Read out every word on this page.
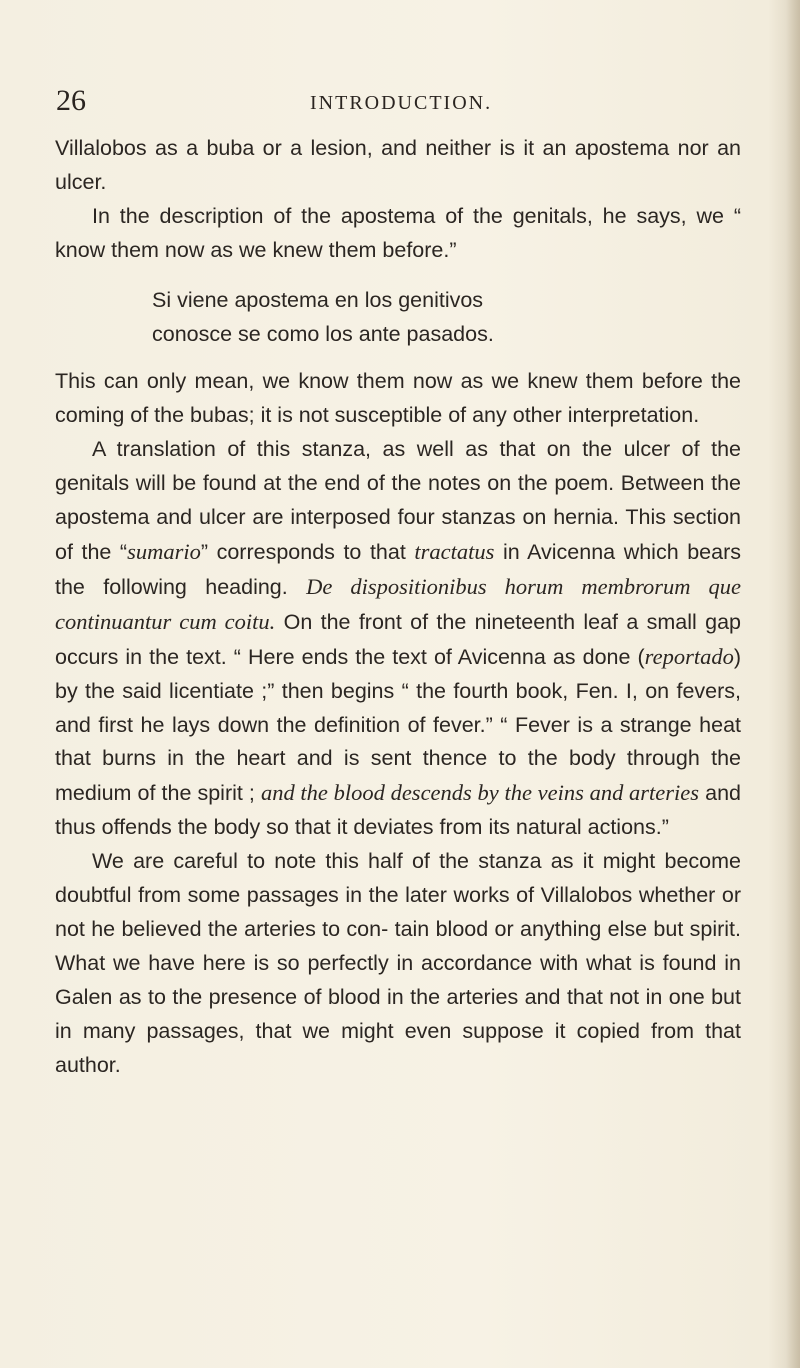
26	INTRODUCTION.

Villalobos as a buba or a lesion, and neither is it an apostema nor an ulcer.

In the description of the apostema of the genitals, he says, we “ know them now as we knew them before.”

Si viene apostema en los genitivos
conosce se como los ante pasados.

This can only mean, we know them now as we knew them before the coming of the bubas; it is not susceptible of any other interpretation.

A translation of this stanza, as well as that on the ulcer of the genitals will be found at the end of the notes on the poem. Between the apostema and ulcer are interposed four stanzas on hernia. This section of the “sumario” corresponds to that tractatus in Avicenna which bears the following heading. De dispositionibus horum membrorum que continuantur cum coitu. On the front of the nineteenth leaf a small gap occurs in the text. “ Here ends the text of Avicenna as done (reportado) by the said licentiate ;” then begins “ the fourth book, Fen. I, on fevers, and first he lays down the definition of fever.” “ Fever is a strange heat that burns in the heart and is sent thence to the body through the medium of the spirit ; and the blood descends by the veins and arteries and thus offends the body so that it deviates from its natural actions.”

We are careful to note this half of the stanza as it might become doubtful from some passages in the later works of Villalobos whether or not he believed the arteries to con- tain blood or anything else but spirit. What we have here is so perfectly in accordance with what is found in Galen as to the presence of blood in the arteries and that not in one but in many passages, that we might even suppose it copied from that author.
